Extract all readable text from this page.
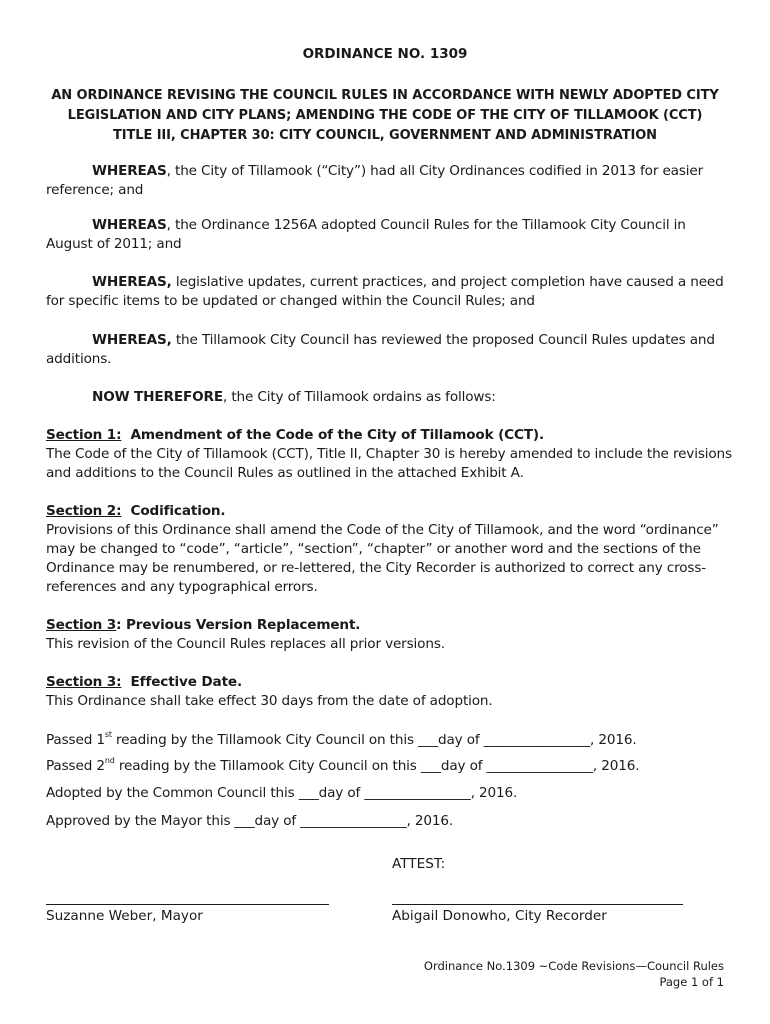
ORDINANCE NO. 1309
AN ORDINANCE REVISING THE COUNCIL RULES IN ACCORDANCE WITH NEWLY ADOPTED CITY LEGISLATION AND CITY PLANS; AMENDING THE CODE OF THE CITY OF TILLAMOOK (CCT) TITLE III, CHAPTER 30: CITY COUNCIL, GOVERNMENT AND ADMINISTRATION
WHEREAS, the City of Tillamook (“City”) had all City Ordinances codified in 2013 for easier reference; and
WHEREAS, the Ordinance 1256A adopted Council Rules for the Tillamook City Council in August of 2011; and
WHEREAS, legislative updates, current practices, and project completion have caused a need for specific items to be updated or changed within the Council Rules; and
WHEREAS, the Tillamook City Council has reviewed the proposed Council Rules updates and additions.
NOW THEREFORE, the City of Tillamook ordains as follows:
Section 1: Amendment of the Code of the City of Tillamook (CCT).
The Code of the City of Tillamook (CCT), Title II, Chapter 30 is hereby amended to include the revisions and additions to the Council Rules as outlined in the attached Exhibit A.
Section 2: Codification.
Provisions of this Ordinance shall amend the Code of the City of Tillamook, and the word “ordinance” may be changed to “code”, “article”, “section”, “chapter” or another word and the sections of the Ordinance may be renumbered, or re-lettered, the City Recorder is authorized to correct any cross-references and any typographical errors.
Section 3: Previous Version Replacement.
This revision of the Council Rules replaces all prior versions.
Section 3: Effective Date.
This Ordinance shall take effect 30 days from the date of adoption.
Passed 1st reading by the Tillamook City Council on this ___day of ________________, 2016.
Passed 2nd reading by the Tillamook City Council on this ___day of ________________, 2016.
Adopted by the Common Council this ___day of ________________, 2016.
Approved by the Mayor this ___day of ________________, 2016.
ATTEST:
Suzanne Weber, Mayor	Abigail Donowho, City Recorder
Ordinance No.1309 ~Code Revisions—Council Rules
Page 1 of 1
